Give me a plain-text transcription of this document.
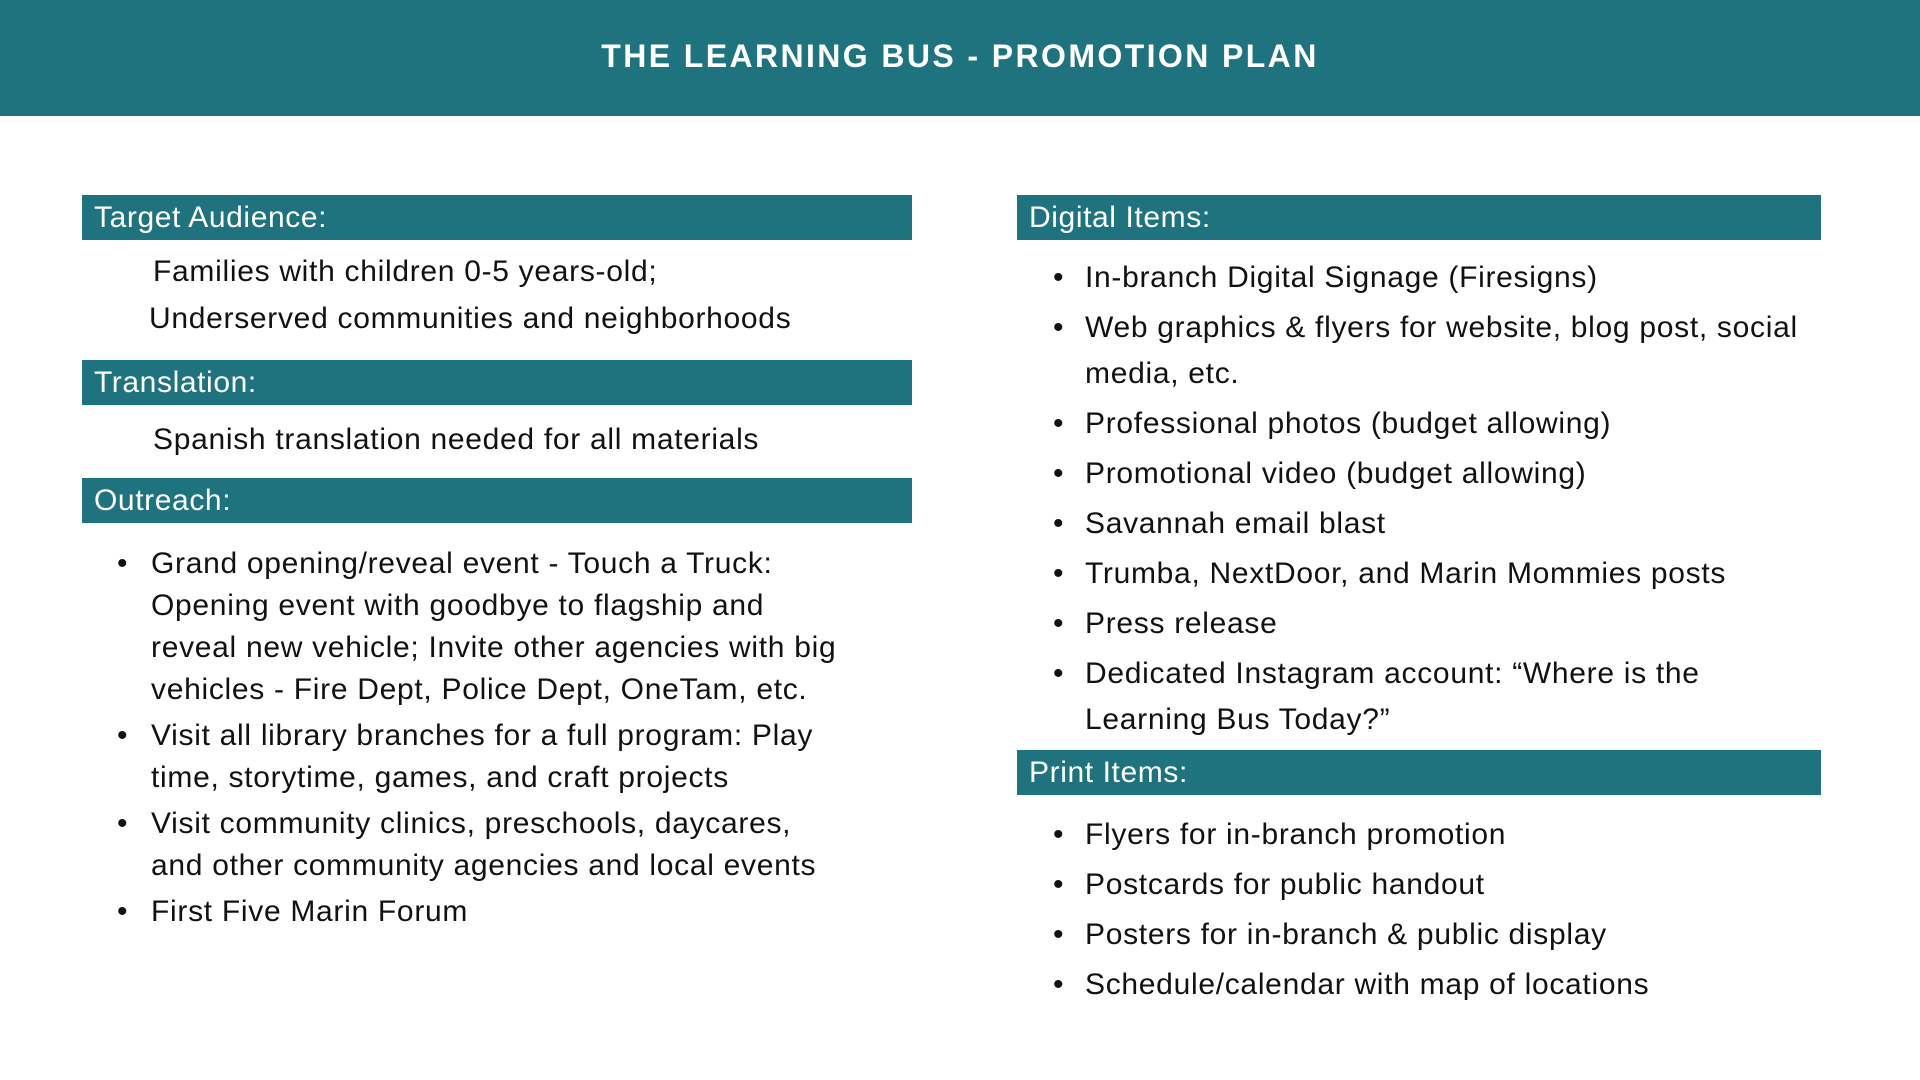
THE LEARNING BUS - PROMOTION PLAN
Target Audience:
Families with children 0-5 years-old;
Underserved communities and neighborhoods
Translation:
Spanish translation needed for all materials
Outreach:
• Grand opening/reveal event - Touch a Truck: Opening event with goodbye to flagship and reveal new vehicle; Invite other agencies with big vehicles - Fire Dept, Police Dept, OneTam, etc.
• Visit all library branches for a full program: Play time, storytime, games, and craft projects
• Visit community clinics, preschools, daycares, and other community agencies and local events
• First Five Marin Forum
Digital Items:
• In-branch Digital Signage (Firesigns)
• Web graphics & flyers for website, blog post, social media, etc.
• Professional photos (budget allowing)
• Promotional video (budget allowing)
• Savannah email blast
• Trumba, NextDoor, and Marin Mommies posts
• Press release
• Dedicated Instagram account: “Where is the Learning Bus Today?”
Print Items:
• Flyers for in-branch promotion
• Postcards for public handout
• Posters for in-branch & public display
• Schedule/calendar with map of locations
